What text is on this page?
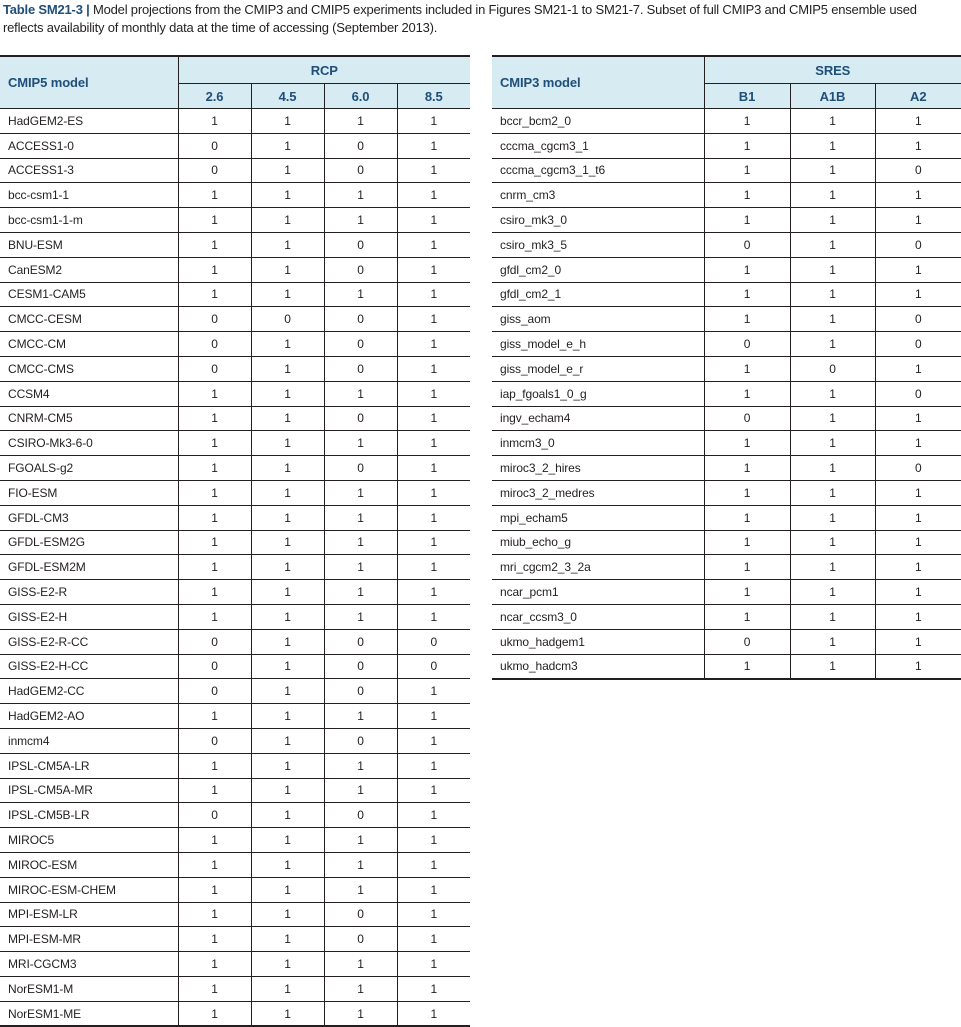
Table SM21-3 | Model projections from the CMIP3 and CMIP5 experiments included in Figures SM21-1 to SM21-7. Subset of full CMIP3 and CMIP5 ensemble used reflects availability of monthly data at the time of accessing (September 2013).
CMIP5 model	RCP			
	2.6	4.5	6.0	8.5
HadGEM2-ES	1	1	1	1
ACCESS1-0	0	1	0	1
ACCESS1-3	0	1	0	1
bcc-csm1-1	1	1	1	1
bcc-csm1-1-m	1	1	1	1
BNU-ESM	1	1	0	1
CanESM2	1	1	0	1
CESM1-CAM5	1	1	1	1
CMCC-CESM	0	0	0	1
CMCC-CM	0	1	0	1
CMCC-CMS	0	1	0	1
CCSM4	1	1	1	1
CNRM-CM5	1	1	0	1
CSIRO-Mk3-6-0	1	1	1	1
FGOALS-g2	1	1	0	1
FIO-ESM	1	1	1	1
GFDL-CM3	1	1	1	1
GFDL-ESM2G	1	1	1	1
GFDL-ESM2M	1	1	1	1
GISS-E2-R	1	1	1	1
GISS-E2-H	1	1	1	1
GISS-E2-R-CC	0	1	0	0
GISS-E2-H-CC	0	1	0	0
HadGEM2-CC	0	1	0	1
HadGEM2-AO	1	1	1	1
inmcm4	0	1	0	1
IPSL-CM5A-LR	1	1	1	1
IPSL-CM5A-MR	1	1	1	1
IPSL-CM5B-LR	0	1	0	1
MIROC5	1	1	1	1
MIROC-ESM	1	1	1	1
MIROC-ESM-CHEM	1	1	1	1
MPI-ESM-LR	1	1	0	1
MPI-ESM-MR	1	1	0	1
MRI-CGCM3	1	1	1	1
NorESM1-M	1	1	1	1
NorESM1-ME	1	1	1	1
CMIP3 model	SRES		
	B1	A1B	A2
bccr_bcm2_0	1	1	1
cccma_cgcm3_1	1	1	1
cccma_cgcm3_1_t6	1	1	0
cnrm_cm3	1	1	1
csiro_mk3_0	1	1	1
csiro_mk3_5	0	1	0
gfdl_cm2_0	1	1	1
gfdl_cm2_1	1	1	1
giss_aom	1	1	0
giss_model_e_h	0	1	0
giss_model_e_r	1	0	1
iap_fgoals1_0_g	1	1	0
ingv_echam4	0	1	1
inmcm3_0	1	1	1
miroc3_2_hires	1	1	0
miroc3_2_medres	1	1	1
mpi_echam5	1	1	1
miub_echo_g	1	1	1
mri_cgcm2_3_2a	1	1	1
ncar_pcm1	1	1	1
ncar_ccsm3_0	1	1	1
ukmo_hadgem1	0	1	1
ukmo_hadcm3	1	1	1
